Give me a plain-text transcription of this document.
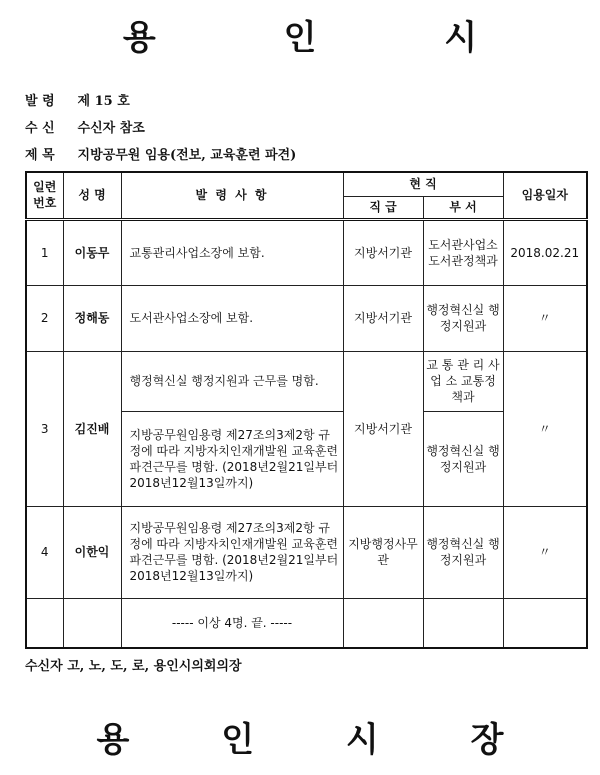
용 인 시
발 령 제 15 호
수 신 수신자 참조
제 목 지방공무원 임용(전보, 교육훈련 파견)
일련번호	성 명	발 령 사 항	현 직		임용일자
			직 급	부 서	
1	이동무	교통관리사업소장에 보함.	지방서기관	도서관사업소 도서관정책과	2018.02.21
2	정해동	도서관사업소장에 보함.	지방서기관	행정혁신실 행정지원과	〃
3	김진배	행정혁신실 행정지원과 근무를 명함.	지방서기관	교 통 관 리 사 업 소 교통정책과	〃
		지방공무원임용령 제27조의3제2항 규정에 따라 지방자치인재개발원 교육훈련 파견근무를 명함. (2018년2월21일부터 2018년12월13일까지)		행정혁신실 행정지원과	
4	이한익	지방공무원임용령 제27조의3제2항 규정에 따라 지방자치인재개발원 교육훈련 파견근무를 명함. (2018년2월21일부터 2018년12월13일까지)	지방행정사무관	행정혁신실 행정지원과	〃
		----- 이상 4명. 끝. -----			
수신자 고, 노, 도, 로, 용인시의회의장
용 인 시 장
